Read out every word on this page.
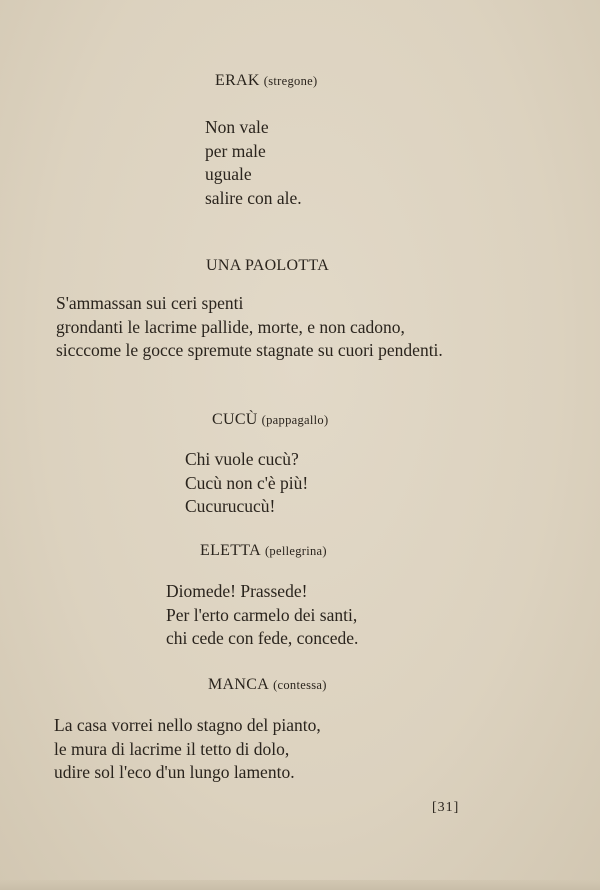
ERAK (stregone)
Non vale
per male
uguale
salire con ale.
UNA PAOLOTTA
S'ammassan sui ceri spenti
grondanti le lacrime pallide, morte, e non cadono,
sicccome le gocce spremute stagnate su cuori pendenti.
CUCÙ (pappagallo)
Chi vuole cucù?
Cucù non c'è più!
Cucurucucù!
ELETTA (pellegrina)
Diomede! Prassede!
Per l'erto carmelo dei santi,
chi cede con fede, concede.
MANCA (contessa)
La casa vorrei nello stagno del pianto,
le mura di lacrime il tetto di dolo,
udire sol l'eco d'un lungo lamento.
[31]
